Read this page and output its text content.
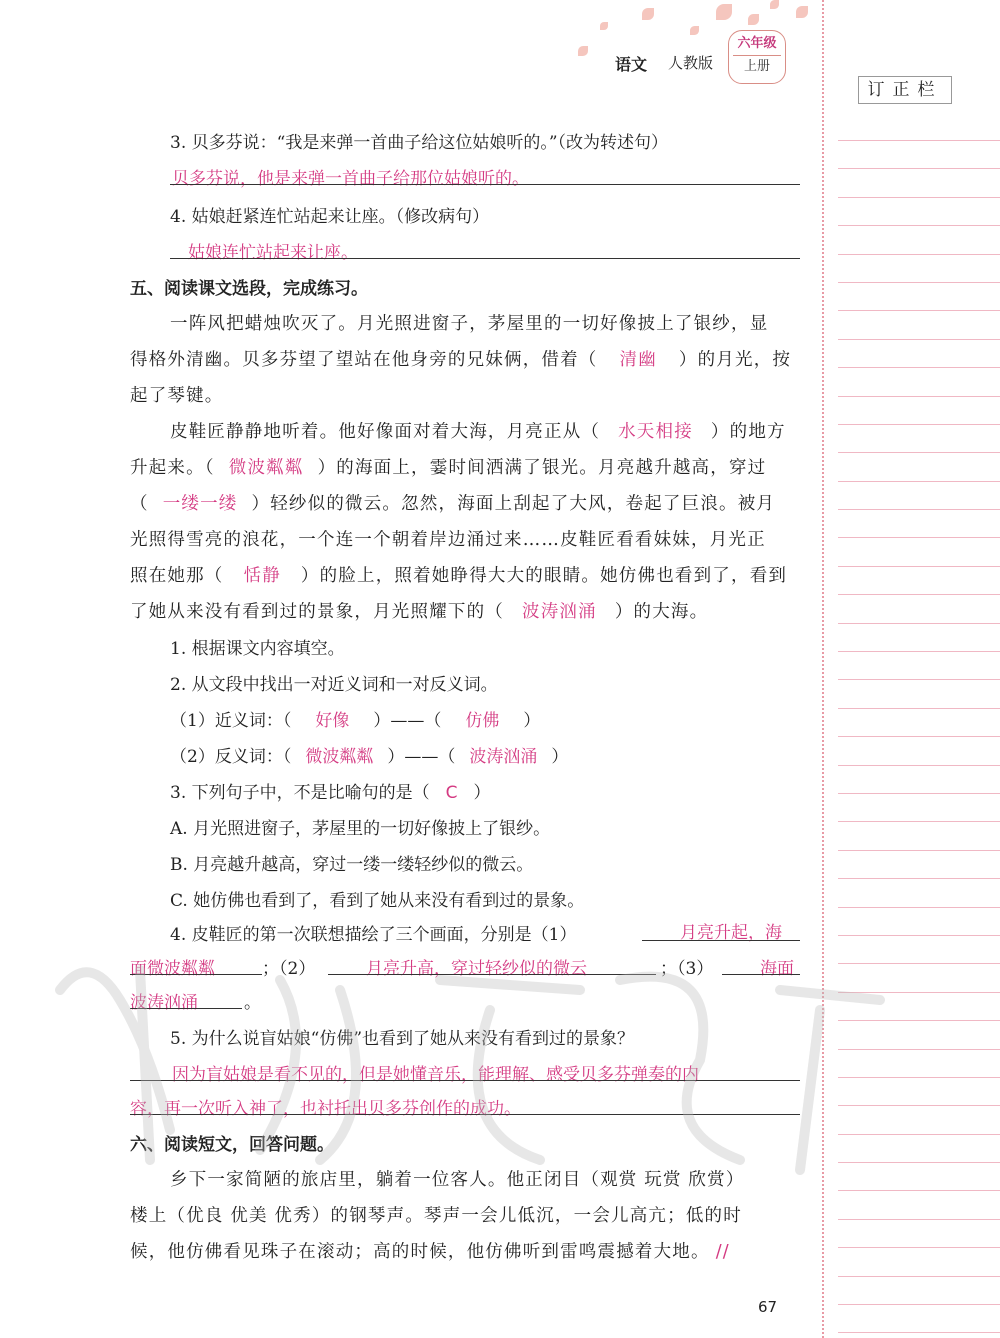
语文 人教版
六年级
上册
订正栏
3. 贝多芬说：“我是来弹一首曲子给这位姑娘听的。”（改为转述句）
贝多芬说，他是来弹一首曲子给那位姑娘听的。
4. 姑娘赶紧连忙站起来让座。（修改病句）
姑娘连忙站起来让座。
五、阅读课文选段，完成练习。
一阵风把蜡烛吹灭了。月光照进窗子，茅屋里的一切好像披上了银纱，显
得格外清幽。贝多芬望了望站在他身旁的兄妹俩，借着（ 清幽 ）的月光，按
起了琴键。
皮鞋匠静静地听着。他好像面对着大海，月亮正从（ 水天相接 ）的地方
升起来。（ 微波粼粼 ）的海面上，霎时间洒满了银光。月亮越升越高，穿过
（ 一缕一缕 ）轻纱似的微云。忽然，海面上刮起了大风，卷起了巨浪。被月
光照得雪亮的浪花，一个连一个朝着岸边涌过来……皮鞋匠看看妹妹，月光正
照在她那（ 恬静 ）的脸上，照着她睁得大大的眼睛。她仿佛也看到了，看到
了她从来没有看到过的景象，月光照耀下的（ 波涛汹涌 ）的大海。
1. 根据课文内容填空。
2. 从文段中找出一对近义词和一对反义词。
（1）近义词：（ 好像 ）——（ 仿佛 ）
（2）反义词：（ 微波粼粼 ）——（ 波涛汹涌 ）
3. 下列句子中，不是比喻句的是（ C ）
A. 月光照进窗子，茅屋里的一切好像披上了银纱。
B. 月亮越升越高，穿过一缕一缕轻纱似的微云。
C. 她仿佛也看到了，看到了她从来没有看到过的景象。
4. 皮鞋匠的第一次联想描绘了三个画面，分别是（1）	月亮升起，海
面微波粼粼	；（2）	月亮升高，穿过轻纱似的微云	；（3）	海面
波涛汹涌	。
5. 为什么说盲姑娘“仿佛”也看到了她从来没有看到过的景象？
因为盲姑娘是看不见的，但是她懂音乐，能理解、感受贝多芬弹奏的内
容，再一次听入神了，也衬托出贝多芬创作的成功。
六、阅读短文，回答问题。
乡下一家简陋的旅店里，躺着一位客人。他正闭目（观赏 玩赏 欣赏）
楼上（优良 优美 优秀）的钢琴声。琴声一会儿低沉，一会儿高亢；低的时
候，他仿佛看见珠子在滚动；高的时候，他仿佛听到雷鸣震撼着大地。 //
67
